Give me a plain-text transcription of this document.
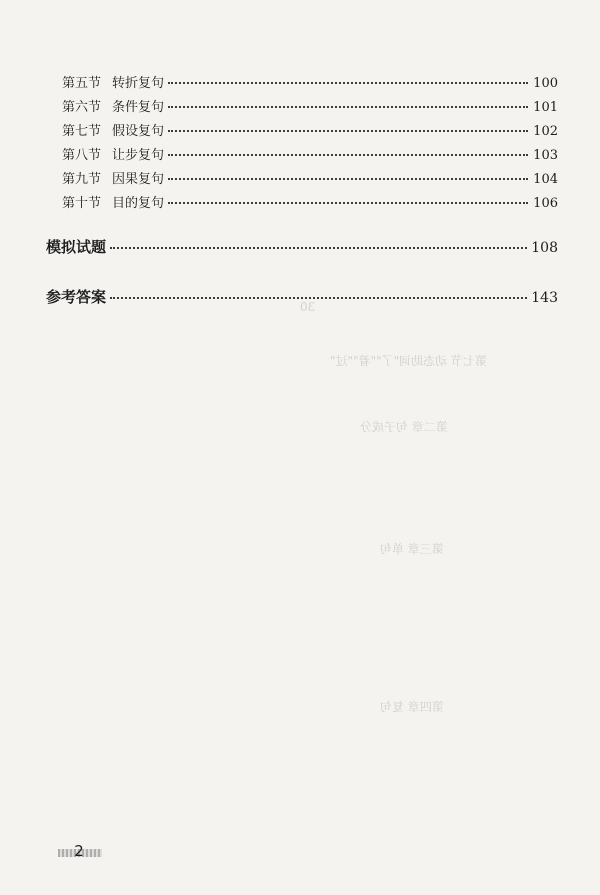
30
第七节 动态助词"了""着""过"
第二章 句子成分
第三章 单句
第四章 复句
第五节 转折复句	100
第六节 条件复句	101
第七节 假设复句	102
第八节 让步复句	103
第九节 因果复句	104
第十节 目的复句	106
模拟试题	108
参考答案	143
2
